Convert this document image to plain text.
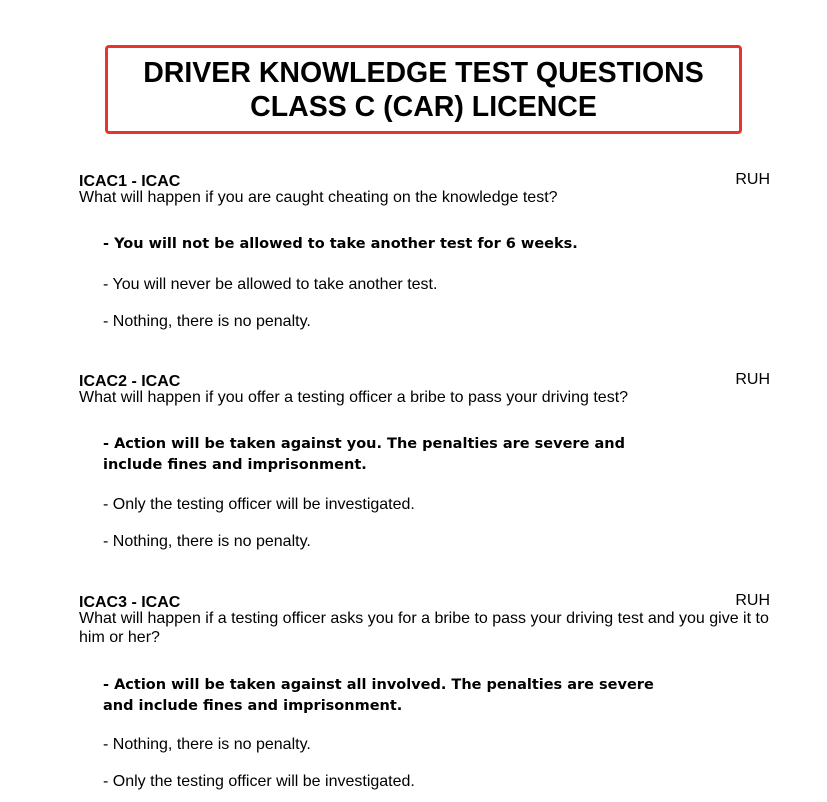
DRIVER KNOWLEDGE TEST QUESTIONS
CLASS C (CAR) LICENCE
ICAC1 - ICAC	RUH
What will happen if you are caught cheating on the knowledge test?
- You will not be allowed to take another test for 6 weeks.
- You will never be allowed to take another test.
- Nothing, there is no penalty.
ICAC2 - ICAC	RUH
What will happen if you offer a testing officer a bribe to pass your driving test?
- Action will be taken against you. The penalties are severe and include fines and imprisonment.
- Only the testing officer will be investigated.
- Nothing, there is no penalty.
ICAC3 - ICAC	RUH
What will happen if a testing officer asks you for a bribe to pass your driving test and you give it to him or her?
- Action will be taken against all involved. The penalties are severe and include fines and imprisonment.
- Nothing, there is no penalty.
- Only the testing officer will be investigated.
